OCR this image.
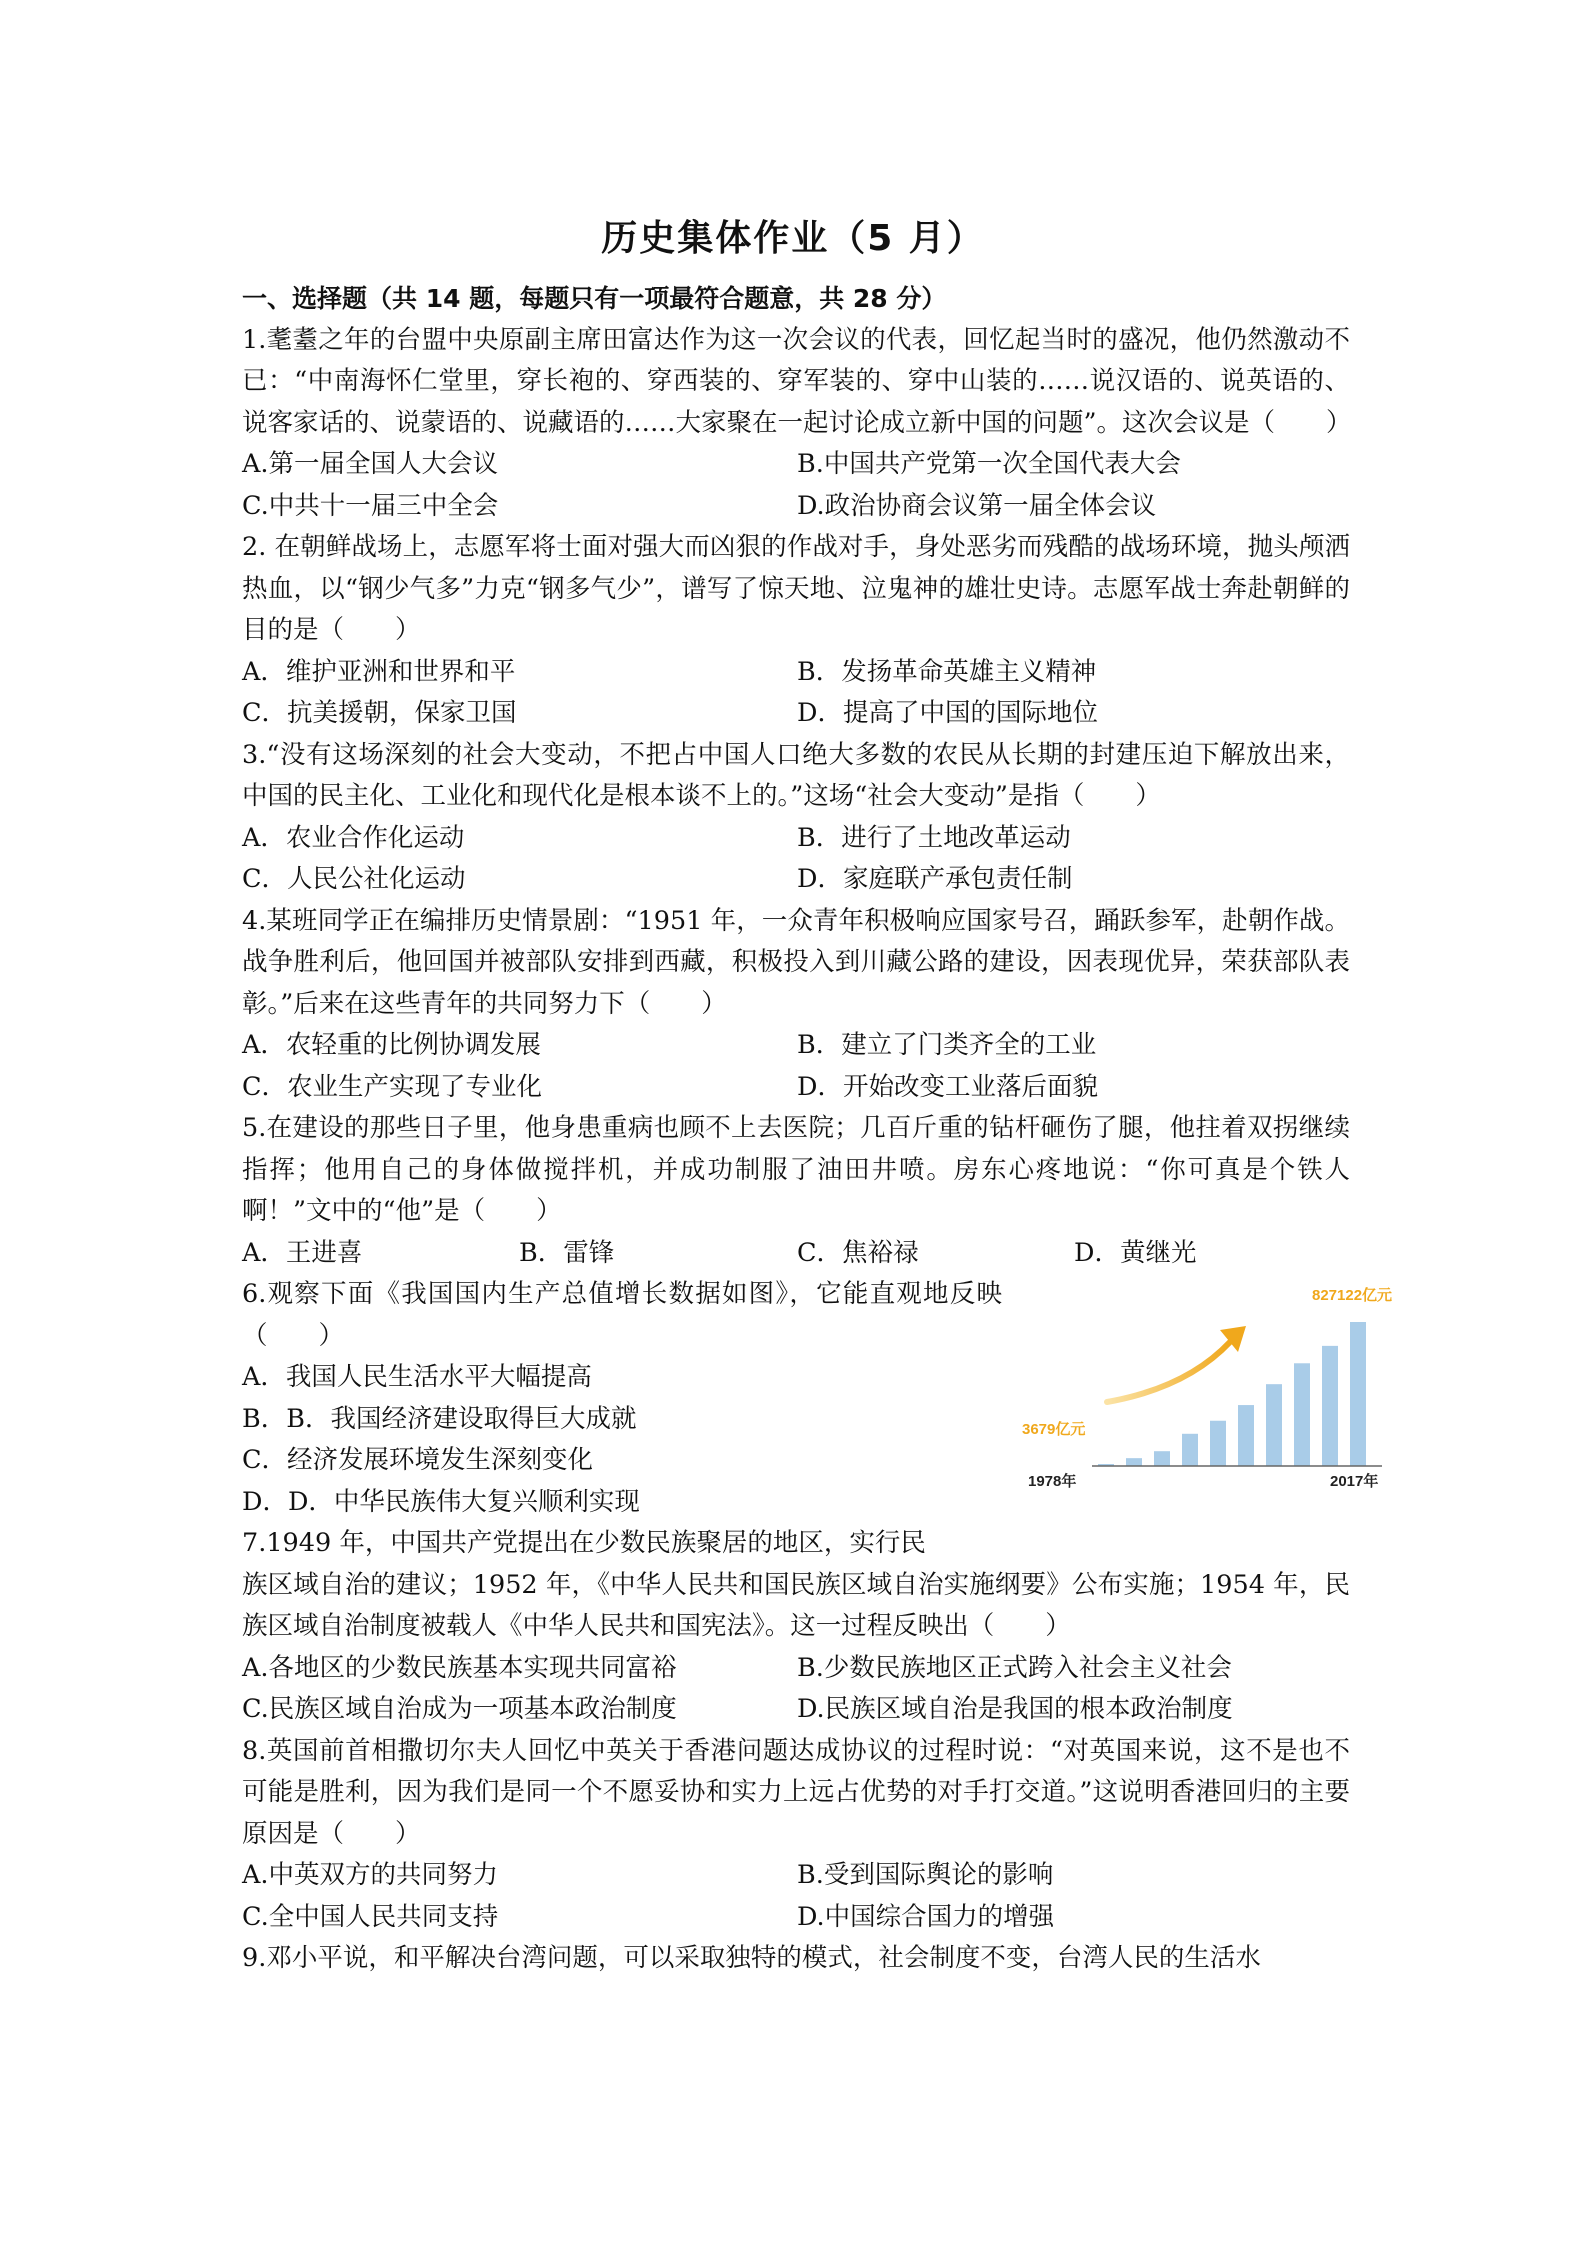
历史集体作业（5 月）

一、选择题（共 14 题，每题只有一项最符合题意，共 28 分）

1.耄耋之年的台盟中央原副主席田富达作为这一次会议的代表，回忆起当时的盛况，他仍然激动不已：“中南海怀仁堂里，穿长袍的、穿西装的、穿军装的、穿中山装的……说汉语的、说英语的、说客家话的、说蒙语的、说藏语的……大家聚在一起讨论成立新中国的问题”。这次会议是（　　）

A.第一届全国人大会议	B.中国共产党第一次全国代表大会
C.中共十一届三中全会	D.政治协商会议第一届全体会议

2. 在朝鲜战场上，志愿军将士面对强大而凶狠的作战对手，身处恶劣而残酷的战场环境，抛头颅洒热血，以“钢少气多”力克“钢多气少”，谱写了惊天地、泣鬼神的雄壮史诗。志愿军战士奔赴朝鲜的目的是（　　）

A．维护亚洲和世界和平	B．发扬革命英雄主义精神
C．抗美援朝，保家卫国	D．提高了中国的国际地位

3.“没有这场深刻的社会大变动，不把占中国人口绝大多数的农民从长期的封建压迫下解放出来，中国的民主化、工业化和现代化是根本谈不上的。”这场“社会大变动”是指（　　）

A．农业合作化运动	B．进行了土地改革运动
C．人民公社化运动	D．家庭联产承包责任制

4.某班同学正在编排历史情景剧：“1951 年，一众青年积极响应国家号召，踊跃参军，赴朝作战。战争胜利后，他回国并被部队安排到西藏，积极投入到川藏公路的建设，因表现优异，荣获部队表彰。”后来在这些青年的共同努力下（　　）

A．农轻重的比例协调发展	B．建立了门类齐全的工业
C．农业生产实现了专业化	D．开始改变工业落后面貌

5.在建设的那些日子里，他身患重病也顾不上去医院；几百斤重的钻杆砸伤了腿，他拄着双拐继续指挥；他用自己的身体做搅拌机，并成功制服了油田井喷。房东心疼地说：“你可真是个铁人啊！”文中的“他”是（　　）

A．王进喜	B．雷锋	C．焦裕禄	D．黄继光

6.观察下面《我国国内生产总值增长数据如图》，它能直观地反映（　　）

A．我国人民生活水平大幅提高

B．B．我国经济建设取得巨大成就

C．经济发展环境发生深刻变化

D．D．中华民族伟大复兴顺利实现

827122亿元
3679亿元
1978年	2017年

7.1949 年，中国共产党提出在少数民族聚居的地区，实行民

族区域自治的建议；1952 年，《中华人民共和国民族区域自治实施纲要》公布实施；1954 年，民族区域自治制度被载人《中华人民共和国宪法》。这一过程反映出（　　）

A.各地区的少数民族基本实现共同富裕	B.少数民族地区正式跨入社会主义社会
C.民族区域自治成为一项基本政治制度	D.民族区域自治是我国的根本政治制度

8.英国前首相撒切尔夫人回忆中英关于香港问题达成协议的过程时说：“对英国来说，这不是也不可能是胜利，因为我们是同一个不愿妥协和实力上远占优势的对手打交道。”这说明香港回归的主要原因是（　　）

A.中英双方的共同努力	B.受到国际舆论的影响
C.全中国人民共同支持	D.中国综合国力的增强

9.邓小平说，和平解决台湾问题，可以采取独特的模式，社会制度不变，台湾人民的生活水
